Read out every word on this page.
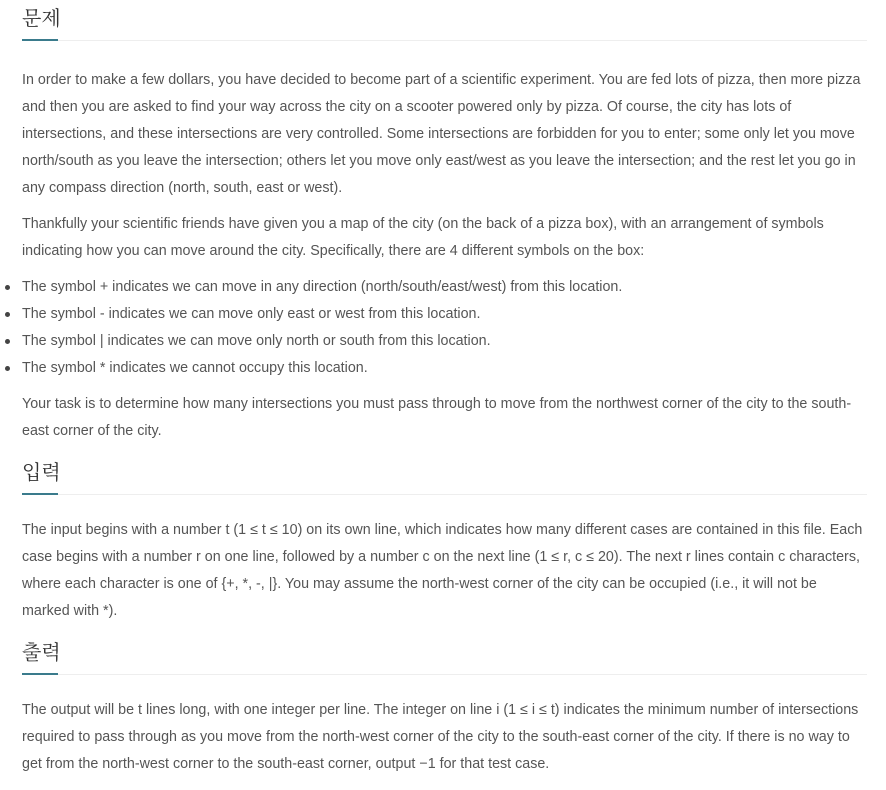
문제

In order to make a few dollars, you have decided to become part of a scientific experiment. You are fed lots of pizza, then more pizza and then you are asked to find your way across the city on a scooter powered only by pizza. Of course, the city has lots of intersections, and these intersections are very controlled. Some intersections are forbidden for you to enter; some only let you move north/south as you leave the intersection; others let you move only east/west as you leave the intersection; and the rest let you go in any compass direction (north, south, east or west).

Thankfully your scientific friends have given you a map of the city (on the back of a pizza box), with an arrangement of symbols indicating how you can move around the city. Specifically, there are 4 different symbols on the box:

The symbol + indicates we can move in any direction (north/south/east/west) from this location.
The symbol - indicates we can move only east or west from this location.
The symbol | indicates we can move only north or south from this location.
The symbol * indicates we cannot occupy this location.

Your task is to determine how many intersections you must pass through to move from the northwest corner of the city to the south-east corner of the city.

입력

The input begins with a number t (1 ≤ t ≤ 10) on its own line, which indicates how many different cases are contained in this file. Each case begins with a number r on one line, followed by a number c on the next line (1 ≤ r, c ≤ 20). The next r lines contain c characters, where each character is one of {+, *, -, |}. You may assume the north-west corner of the city can be occupied (i.e., it will not be marked with *).

출력

The output will be t lines long, with one integer per line. The integer on line i (1 ≤ i ≤ t) indicates the minimum number of intersections required to pass through as you move from the north-west corner of the city to the south-east corner of the city. If there is no way to get from the north-west corner to the south-east corner, output −1 for that test case.
